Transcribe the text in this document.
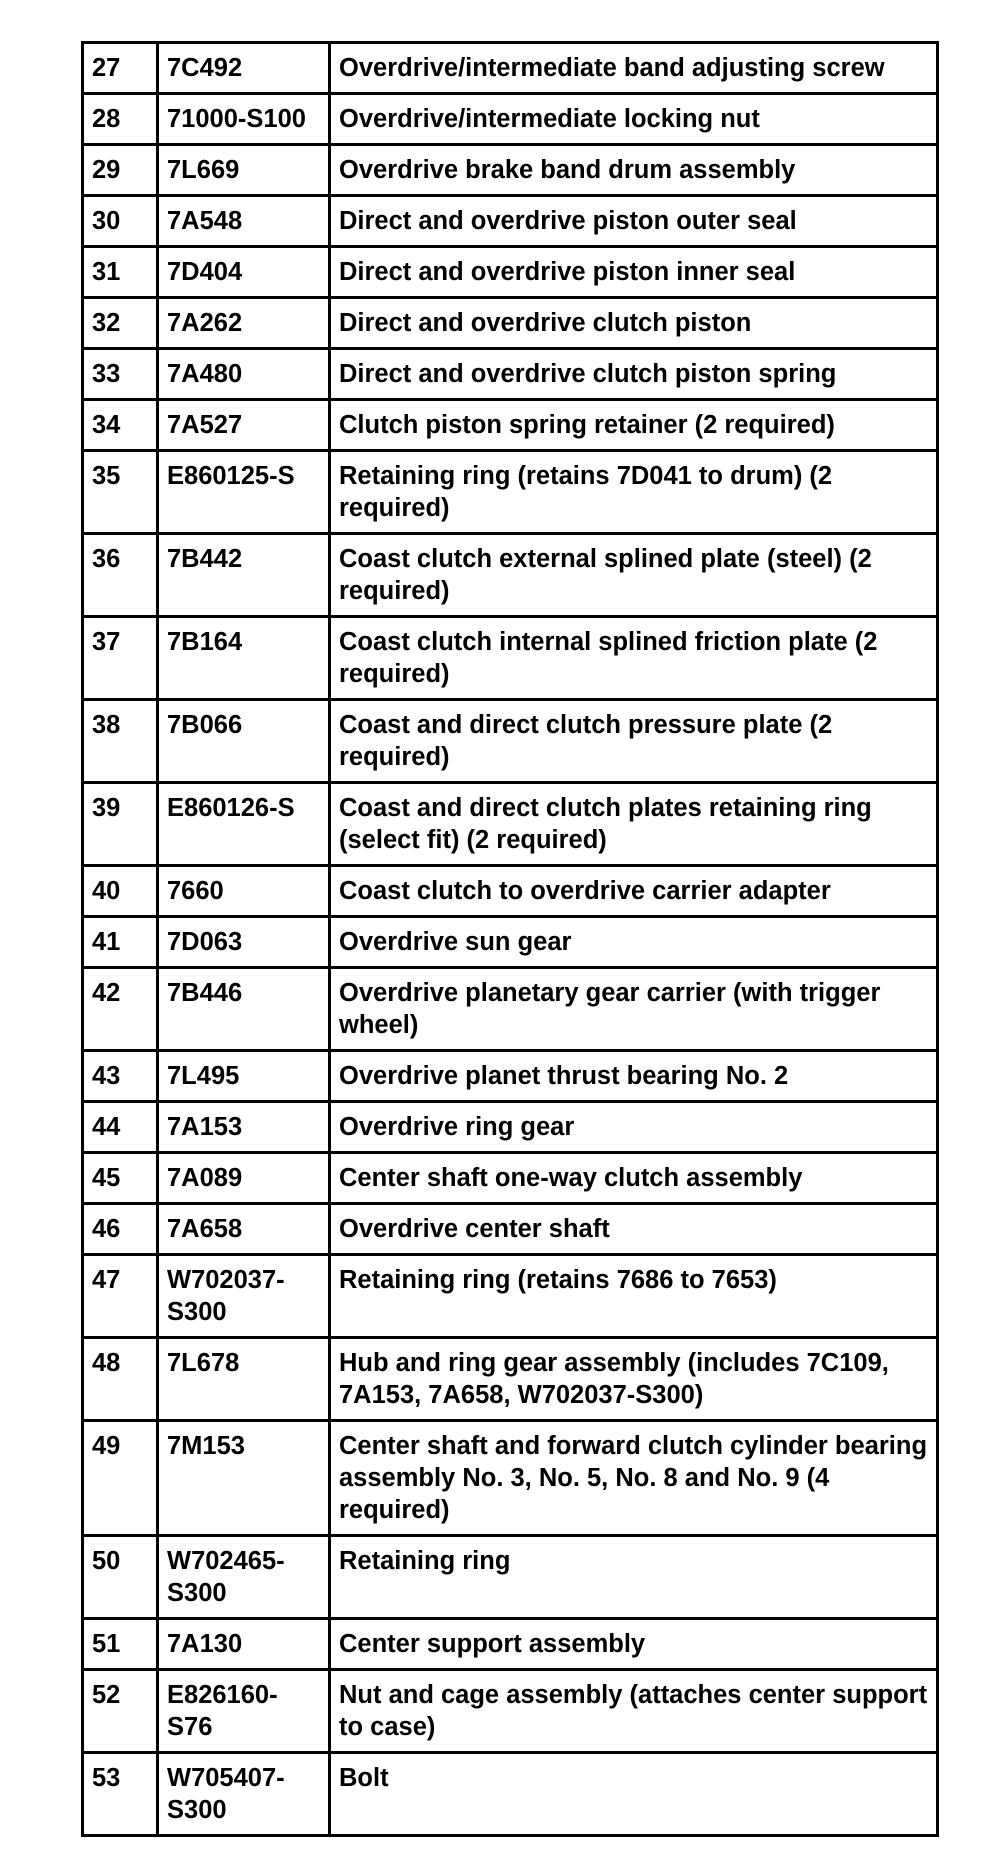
27	7C492	Overdrive/intermediate band adjusting screw
28	71000-S100	Overdrive/intermediate locking nut
29	7L669	Overdrive brake band drum assembly
30	7A548	Direct and overdrive piston outer seal
31	7D404	Direct and overdrive piston inner seal
32	7A262	Direct and overdrive clutch piston
33	7A480	Direct and overdrive clutch piston spring
34	7A527	Clutch piston spring retainer (2 required)
35	E860125-S	Retaining ring (retains 7D041 to drum) (2 required)
36	7B442	Coast clutch external splined plate (steel) (2 required)
37	7B164	Coast clutch internal splined friction plate (2 required)
38	7B066	Coast and direct clutch pressure plate (2 required)
39	E860126-S	Coast and direct clutch plates retaining ring (select fit) (2 required)
40	7660	Coast clutch to overdrive carrier adapter
41	7D063	Overdrive sun gear
42	7B446	Overdrive planetary gear carrier (with trigger wheel)
43	7L495	Overdrive planet thrust bearing No. 2
44	7A153	Overdrive ring gear
45	7A089	Center shaft one-way clutch assembly
46	7A658	Overdrive center shaft
47	W702037-S300	Retaining ring (retains 7686 to 7653)
48	7L678	Hub and ring gear assembly (includes 7C109, 7A153, 7A658, W702037-S300)
49	7M153	Center shaft and forward clutch cylinder bearing assembly No. 3, No. 5, No. 8 and No. 9 (4 required)
50	W702465-S300	Retaining ring
51	7A130	Center support assembly
52	E826160-S76	Nut and cage assembly (attaches center support to case)
53	W705407-S300	Bolt
